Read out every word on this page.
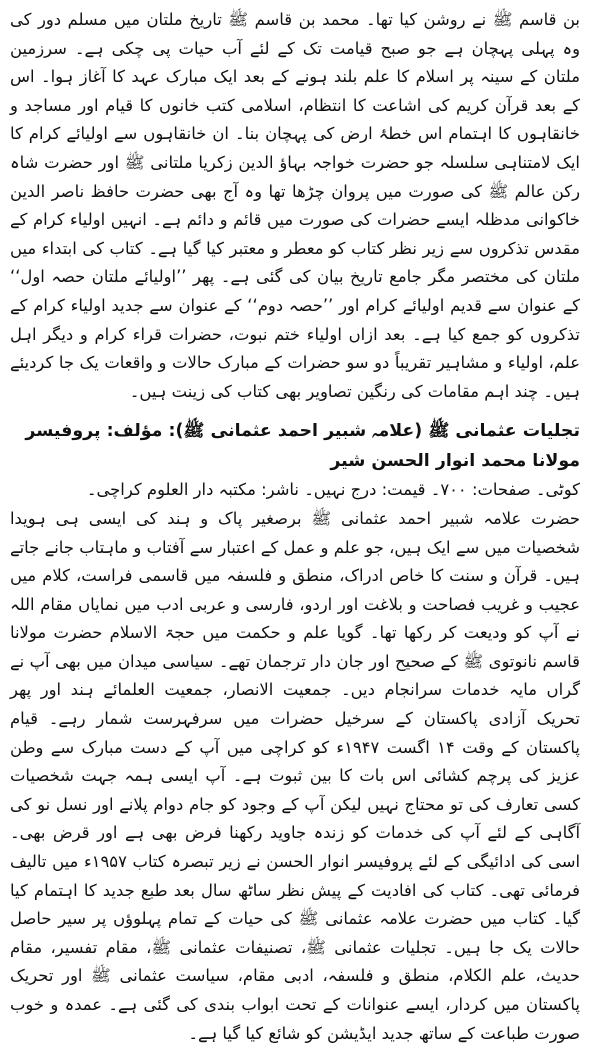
بن قاسم ﷺ نے روشن کیا تھا۔ محمد بن قاسم ﷺ تاریخ ملتان میں مسلم دور کی وہ پہلی پہچان ہے جو صبح قیامت تک کے لئے آب حیات پی چکی ہے۔ سرزمین ملتان کے سینہ پر اسلام کا علم بلند ہونے کے بعد ایک مبارک عہد کا آغاز ہوا۔ اس کے بعد قرآن کریم کی اشاعت کا انتظام، اسلامی کتب خانوں کا قیام اور مساجد و خانقاہوں کا اہتمام اس خطۂ ارض کی پہچان بنا۔ ان خانقاہوں سے اولیائے کرام کا ایک لامتناہی سلسلہ جو حضرت خواجہ بہاؤ الدین زکریا ملتانی ﷺ اور حضرت شاہ رکن عالم ﷺ کی صورت میں پروان چڑھا تھا وہ آج بھی حضرت حافظ ناصر الدین خاکوانی مدظلہ ایسے حضرات کی صورت میں قائم و دائم ہے۔ انہیں اولیاء کرام کے مقدس تذکروں سے زیر نظر کتاب کو معطر و معتبر کیا گیا ہے۔ کتاب کی ابتداء میں ملتان کی مختصر مگر جامع تاریخ بیان کی گئی ہے۔ پھر ’’اولیائے ملتان حصہ اول‘‘ کے عنوان سے قدیم اولیائے کرام اور ’’حصہ دوم‘‘ کے عنوان سے جدید اولیاء کرام کے تذکروں کو جمع کیا ہے۔ بعد ازاں اولیاء ختم نبوت، حضرات قراء کرام و دیگر اہل علم، اولیاء و مشاہیر تقریباً دو سو حضرات کے مبارک حالات و واقعات یک جا کردیئے ہیں۔ چند اہم مقامات کی رنگین تصاویر بھی کتاب کی زینت ہیں۔

تجلیات عثمانی ﷺ (علامہ شبیر احمد عثمانی ﷺ): مؤلف: پروفیسر مولانا محمد انوار الحسن شیر

کوٹی۔ صفحات: ۷۰۰۔ قیمت: درج نہیں۔ ناشر: مکتبہ دار العلوم کراچی۔

حضرت علامہ شبیر احمد عثمانی ﷺ برصغیر پاک و ہند کی ایسی ہی ہویدا شخصیات میں سے ایک ہیں، جو علم و عمل کے اعتبار سے آفتاب و ماہتاب جانے جاتے ہیں۔ قرآن و سنت کا خاص ادراک، منطق و فلسفہ میں قاسمی فراست، کلام میں عجیب و غریب فصاحت و بلاغت اور اردو، فارسی و عربی ادب میں نمایاں مقام اللہ نے آپ کو ودیعت کر رکھا تھا۔ گویا علم و حکمت میں حجۃ الاسلام حضرت مولانا قاسم نانوتوی ﷺ کے صحیح اور جان دار ترجمان تھے۔ سیاسی میدان میں بھی آپ نے گراں مایہ خدمات سرانجام دیں۔ جمعیت الانصار، جمعیت العلمائے ہند اور پھر تحریک آزادی پاکستان کے سرخیل حضرات میں سرفہرست شمار رہے۔ قیام پاکستان کے وقت ۱۴ اگست ۱۹۴۷ء کو کراچی میں آپ کے دست مبارک سے وطن عزیز کی پرچم کشائی اس بات کا بین ثبوت ہے۔ آپ ایسی ہمہ جہت شخصیات کسی تعارف کی تو محتاج نہیں لیکن آپ کے وجود کو جام دوام پلانے اور نسل نو کی آگاہی کے لئے آپ کی خدمات کو زندہ جاوید رکھنا فرض بھی ہے اور قرض بھی۔ اسی کی ادائیگی کے لئے پروفیسر انوار الحسن نے زیر تبصرہ کتاب ۱۹۵۷ء میں تالیف فرمائی تھی۔ کتاب کی افادیت کے پیش نظر ساٹھ سال بعد طبع جدید کا اہتمام کیا گیا۔ کتاب میں حضرت علامہ عثمانی ﷺ کی حیات کے تمام پہلوؤں پر سیر حاصل حالات یک جا ہیں۔ تجلیات عثمانی ﷺ، تصنیفات عثمانی ﷺ، مقام تفسیر، مقام حدیث، علم الکلام، منطق و فلسفہ، ادبی مقام، سیاست عثمانی ﷺ اور تحریک پاکستان میں کردار، ایسے عنوانات کے تحت ابواب بندی کی گئی ہے۔ عمدہ و خوب صورت طباعت کے ساتھ جدید ایڈیشن کو شائع کیا گیا ہے۔
